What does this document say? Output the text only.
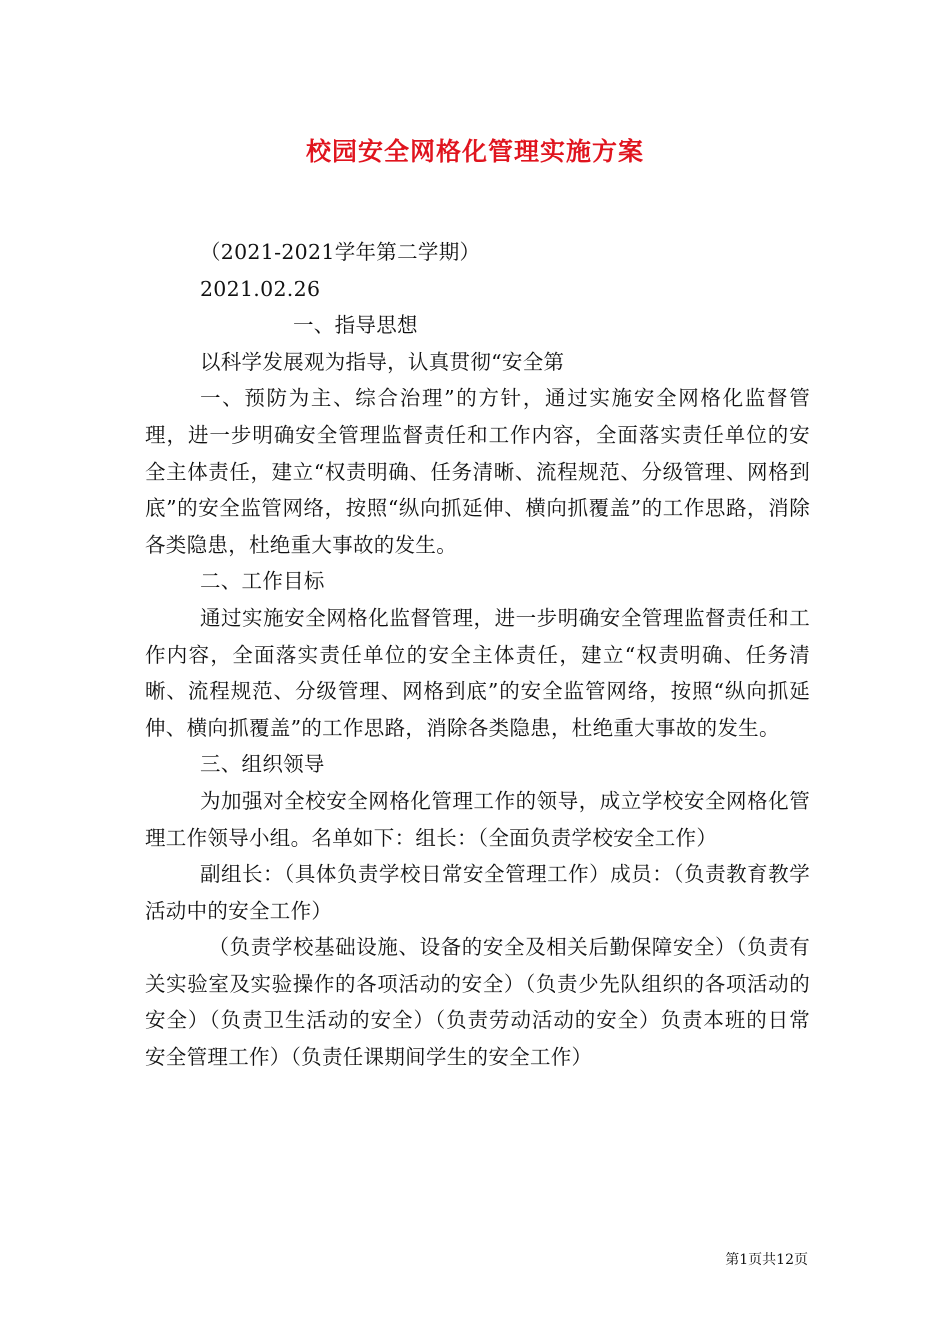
校园安全网格化管理实施方案

（2021-2021学年第二学期）

2021.02.26

一、指导思想

以科学发展观为指导，认真贯彻“安全第

一、预防为主、综合治理”的方针，通过实施安全网格化监督管理，进一步明确安全管理监督责任和工作内容，全面落实责任单位的安全主体责任，建立“权责明确、任务清晰、流程规范、分级管理、网格到底”的安全监管网络，按照“纵向抓延伸、横向抓覆盖”的工作思路，消除各类隐患，杜绝重大事故的发生。

二、工作目标

通过实施安全网格化监督管理，进一步明确安全管理监督责任和工作内容，全面落实责任单位的安全主体责任，建立“权责明确、任务清晰、流程规范、分级管理、网格到底”的安全监管网络，按照“纵向抓延伸、横向抓覆盖”的工作思路，消除各类隐患，杜绝重大事故的发生。

三、组织领导

为加强对全校安全网格化管理工作的领导，成立学校安全网格化管理工作领导小组。名单如下：组长：（全面负责学校安全工作）

副组长：（具体负责学校日常安全管理工作）成员：（负责教育教学活动中的安全工作）

（负责学校基础设施、设备的安全及相关后勤保障安全）（负责有关实验室及实验操作的各项活动的安全）（负责少先队组织的各项活动的安全）（负责卫生活动的安全）（负责劳动活动的安全）负责本班的日常安全管理工作）（负责任课期间学生的安全工作）

第1页共12页
